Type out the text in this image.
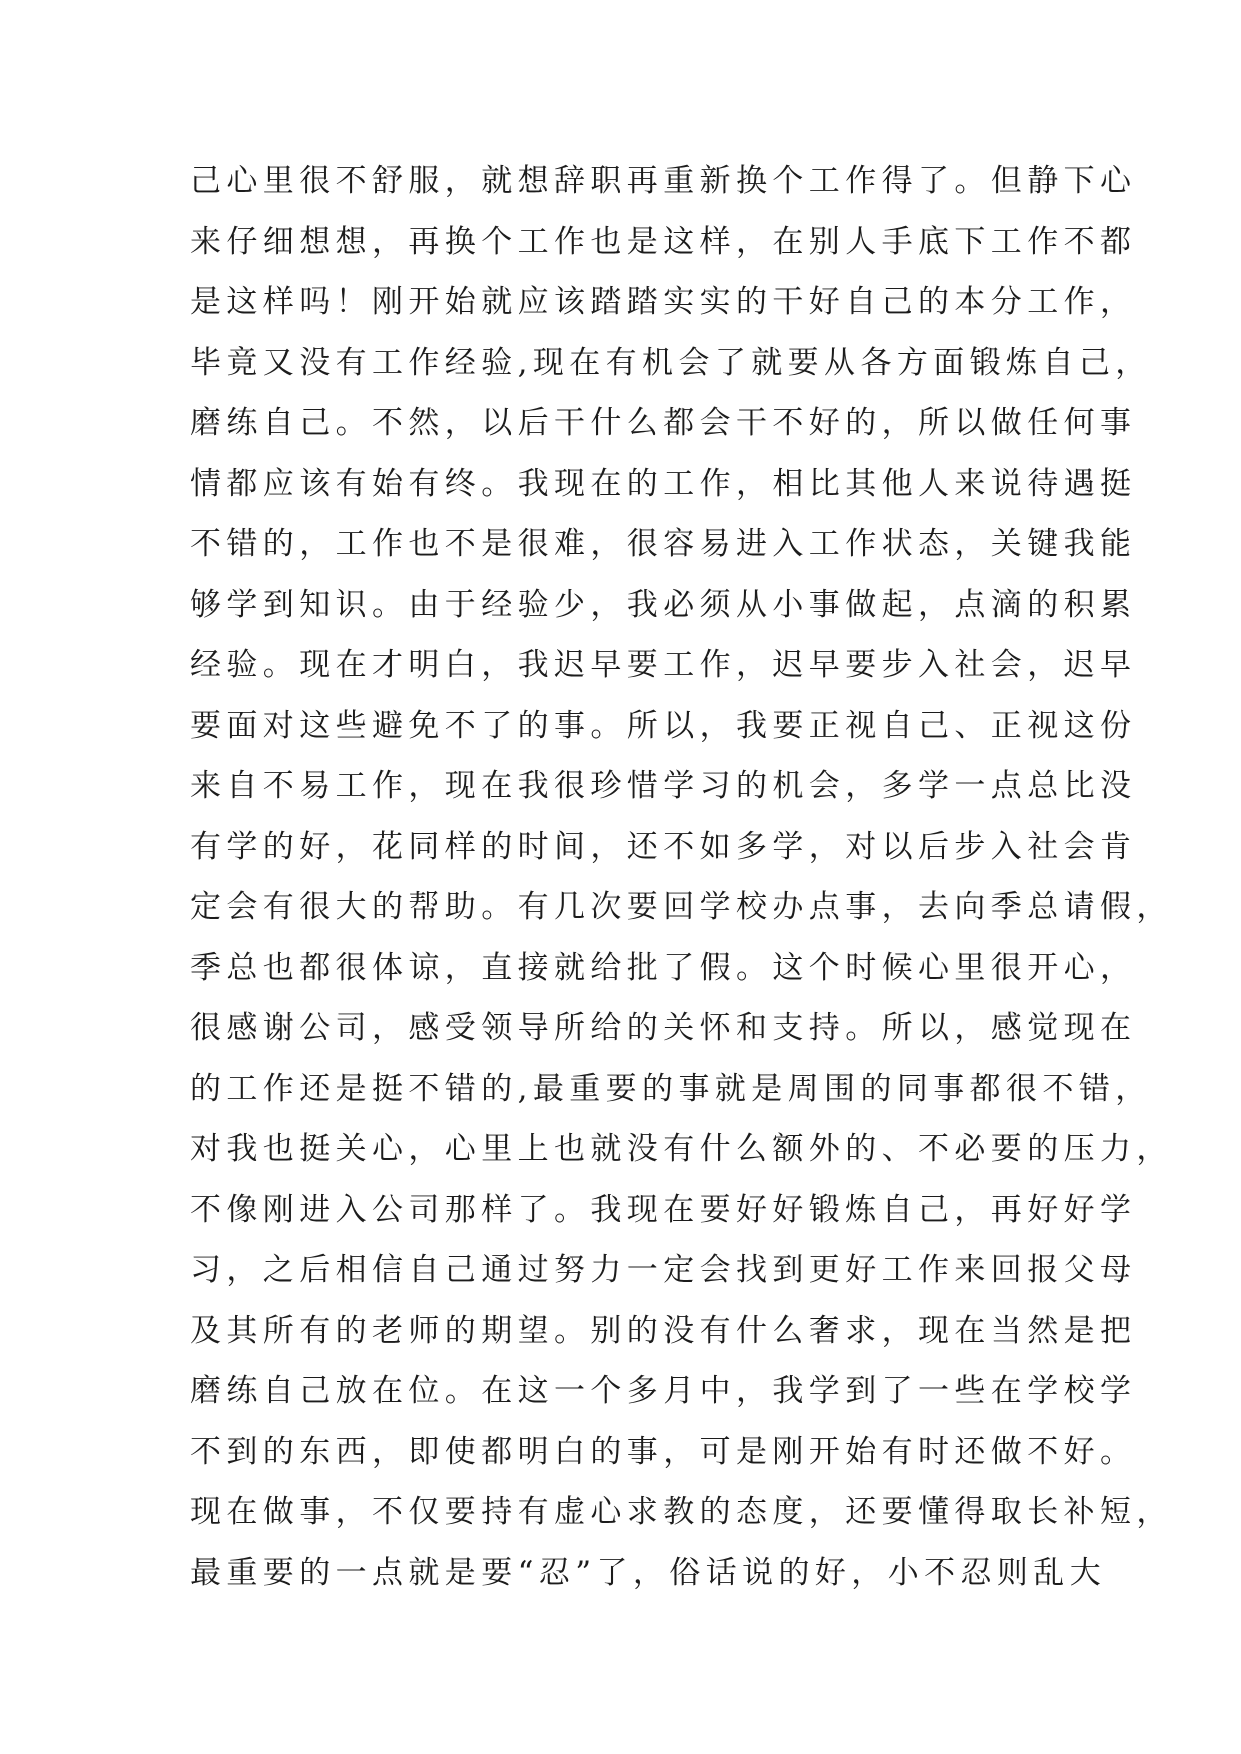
己心里很不舒服，就想辞职再重新换个工作得了。但静下心
来仔细想想，再换个工作也是这样，在别人手底下工作不都
是这样吗！刚开始就应该踏踏实实的干好自己的本分工作，
毕竟又没有工作经验,现在有机会了就要从各方面锻炼自己，
磨练自己。不然，以后干什么都会干不好的，所以做任何事
情都应该有始有终。我现在的工作，相比其他人来说待遇挺
不错的，工作也不是很难，很容易进入工作状态，关键我能
够学到知识。由于经验少，我必须从小事做起，点滴的积累
经验。现在才明白，我迟早要工作，迟早要步入社会，迟早
要面对这些避免不了的事。所以，我要正视自己、正视这份
来自不易工作，现在我很珍惜学习的机会，多学一点总比没
有学的好，花同样的时间，还不如多学，对以后步入社会肯
定会有很大的帮助。有几次要回学校办点事，去向季总请假，
季总也都很体谅，直接就给批了假。这个时候心里很开心，
很感谢公司，感受领导所给的关怀和支持。所以，感觉现在
的工作还是挺不错的,最重要的事就是周围的同事都很不错，
对我也挺关心，心里上也就没有什么额外的、不必要的压力，
不像刚进入公司那样了。我现在要好好锻炼自己，再好好学
习，之后相信自己通过努力一定会找到更好工作来回报父母
及其所有的老师的期望。别的没有什么奢求，现在当然是把
磨练自己放在位。在这一个多月中，我学到了一些在学校学
不到的东西，即使都明白的事，可是刚开始有时还做不好。
现在做事，不仅要持有虚心求教的态度，还要懂得取长补短，
最重要的一点就是要“忍”了，俗话说的好，小不忍则乱大
